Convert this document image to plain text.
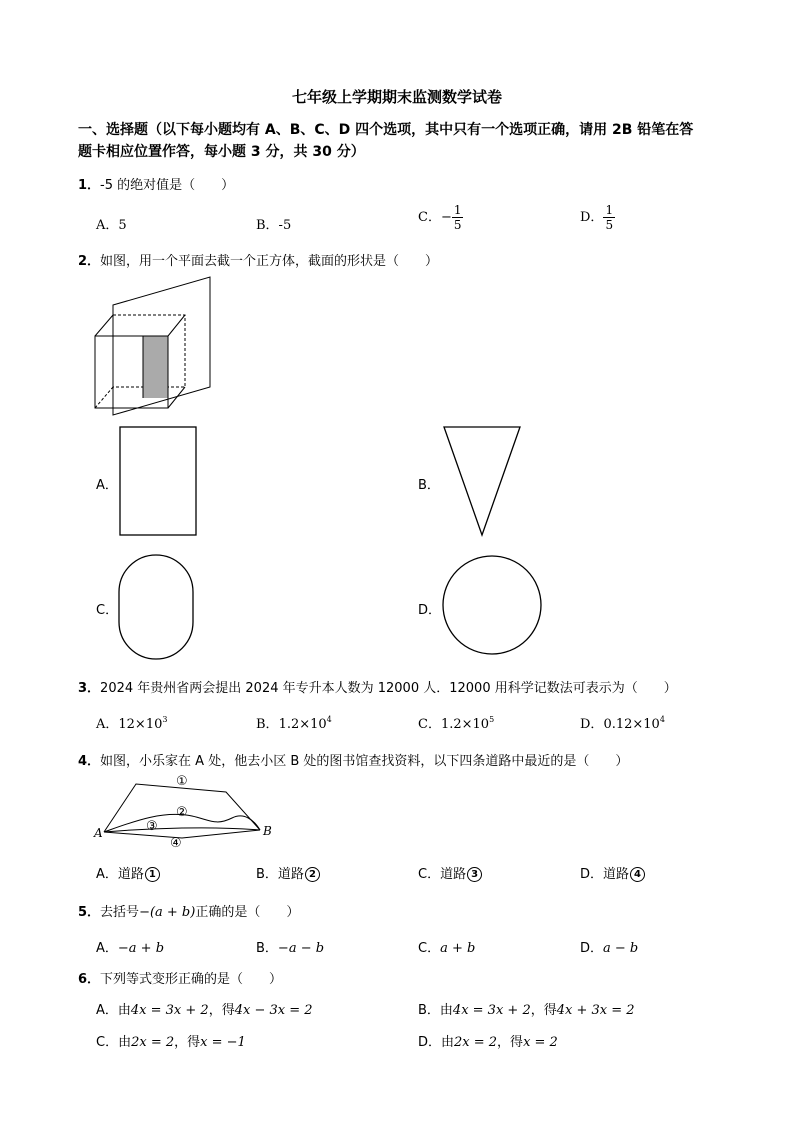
七年级上学期期末监测数学试卷
一、选择题（以下每小题均有 A、B、C、D 四个选项，其中只有一个选项正确，请用 2B 铅笔在答
题卡相应位置作答，每小题 3 分，共 30 分）
1．-5 的绝对值是（　　）
A．5	B．-5
C．− $\frac{1}{5}$	D． $\frac{1}{5}$
2．如图，用一个平面去截一个正方体，截面的形状是（　　）
A．	B．
C．	D．
3．2024 年贵州省两会提出 2024 年专升本人数为 12000 人．12000 用科学记数法可表示为（　　）
A．$12\times 10^3$	B．$1.2\times 10^4$	C．$1.2\times 10^5$	D．$0.12\times 10^4$
4．如图，小乐家在 A 处，他去小区 B 处的图书馆查找资料，以下四条道路中最近的是（　　）
A	B
①
②
③
④
A．道路 1	B．道路 2	C．道路 3	D．道路 4
5．去括号−(a + b)正确的是（　　）
A．−a + b	B．−a − b	C．a + b	D．a − b
6．下列等式变形正确的是（　　）
A．由4x = 3x + 2，得4x − 3x = 2	B．由4x = 3x + 2，得4x + 3x = 2
C．由2x = 2，得x = −1	D．由2x = 2，得x = 2
